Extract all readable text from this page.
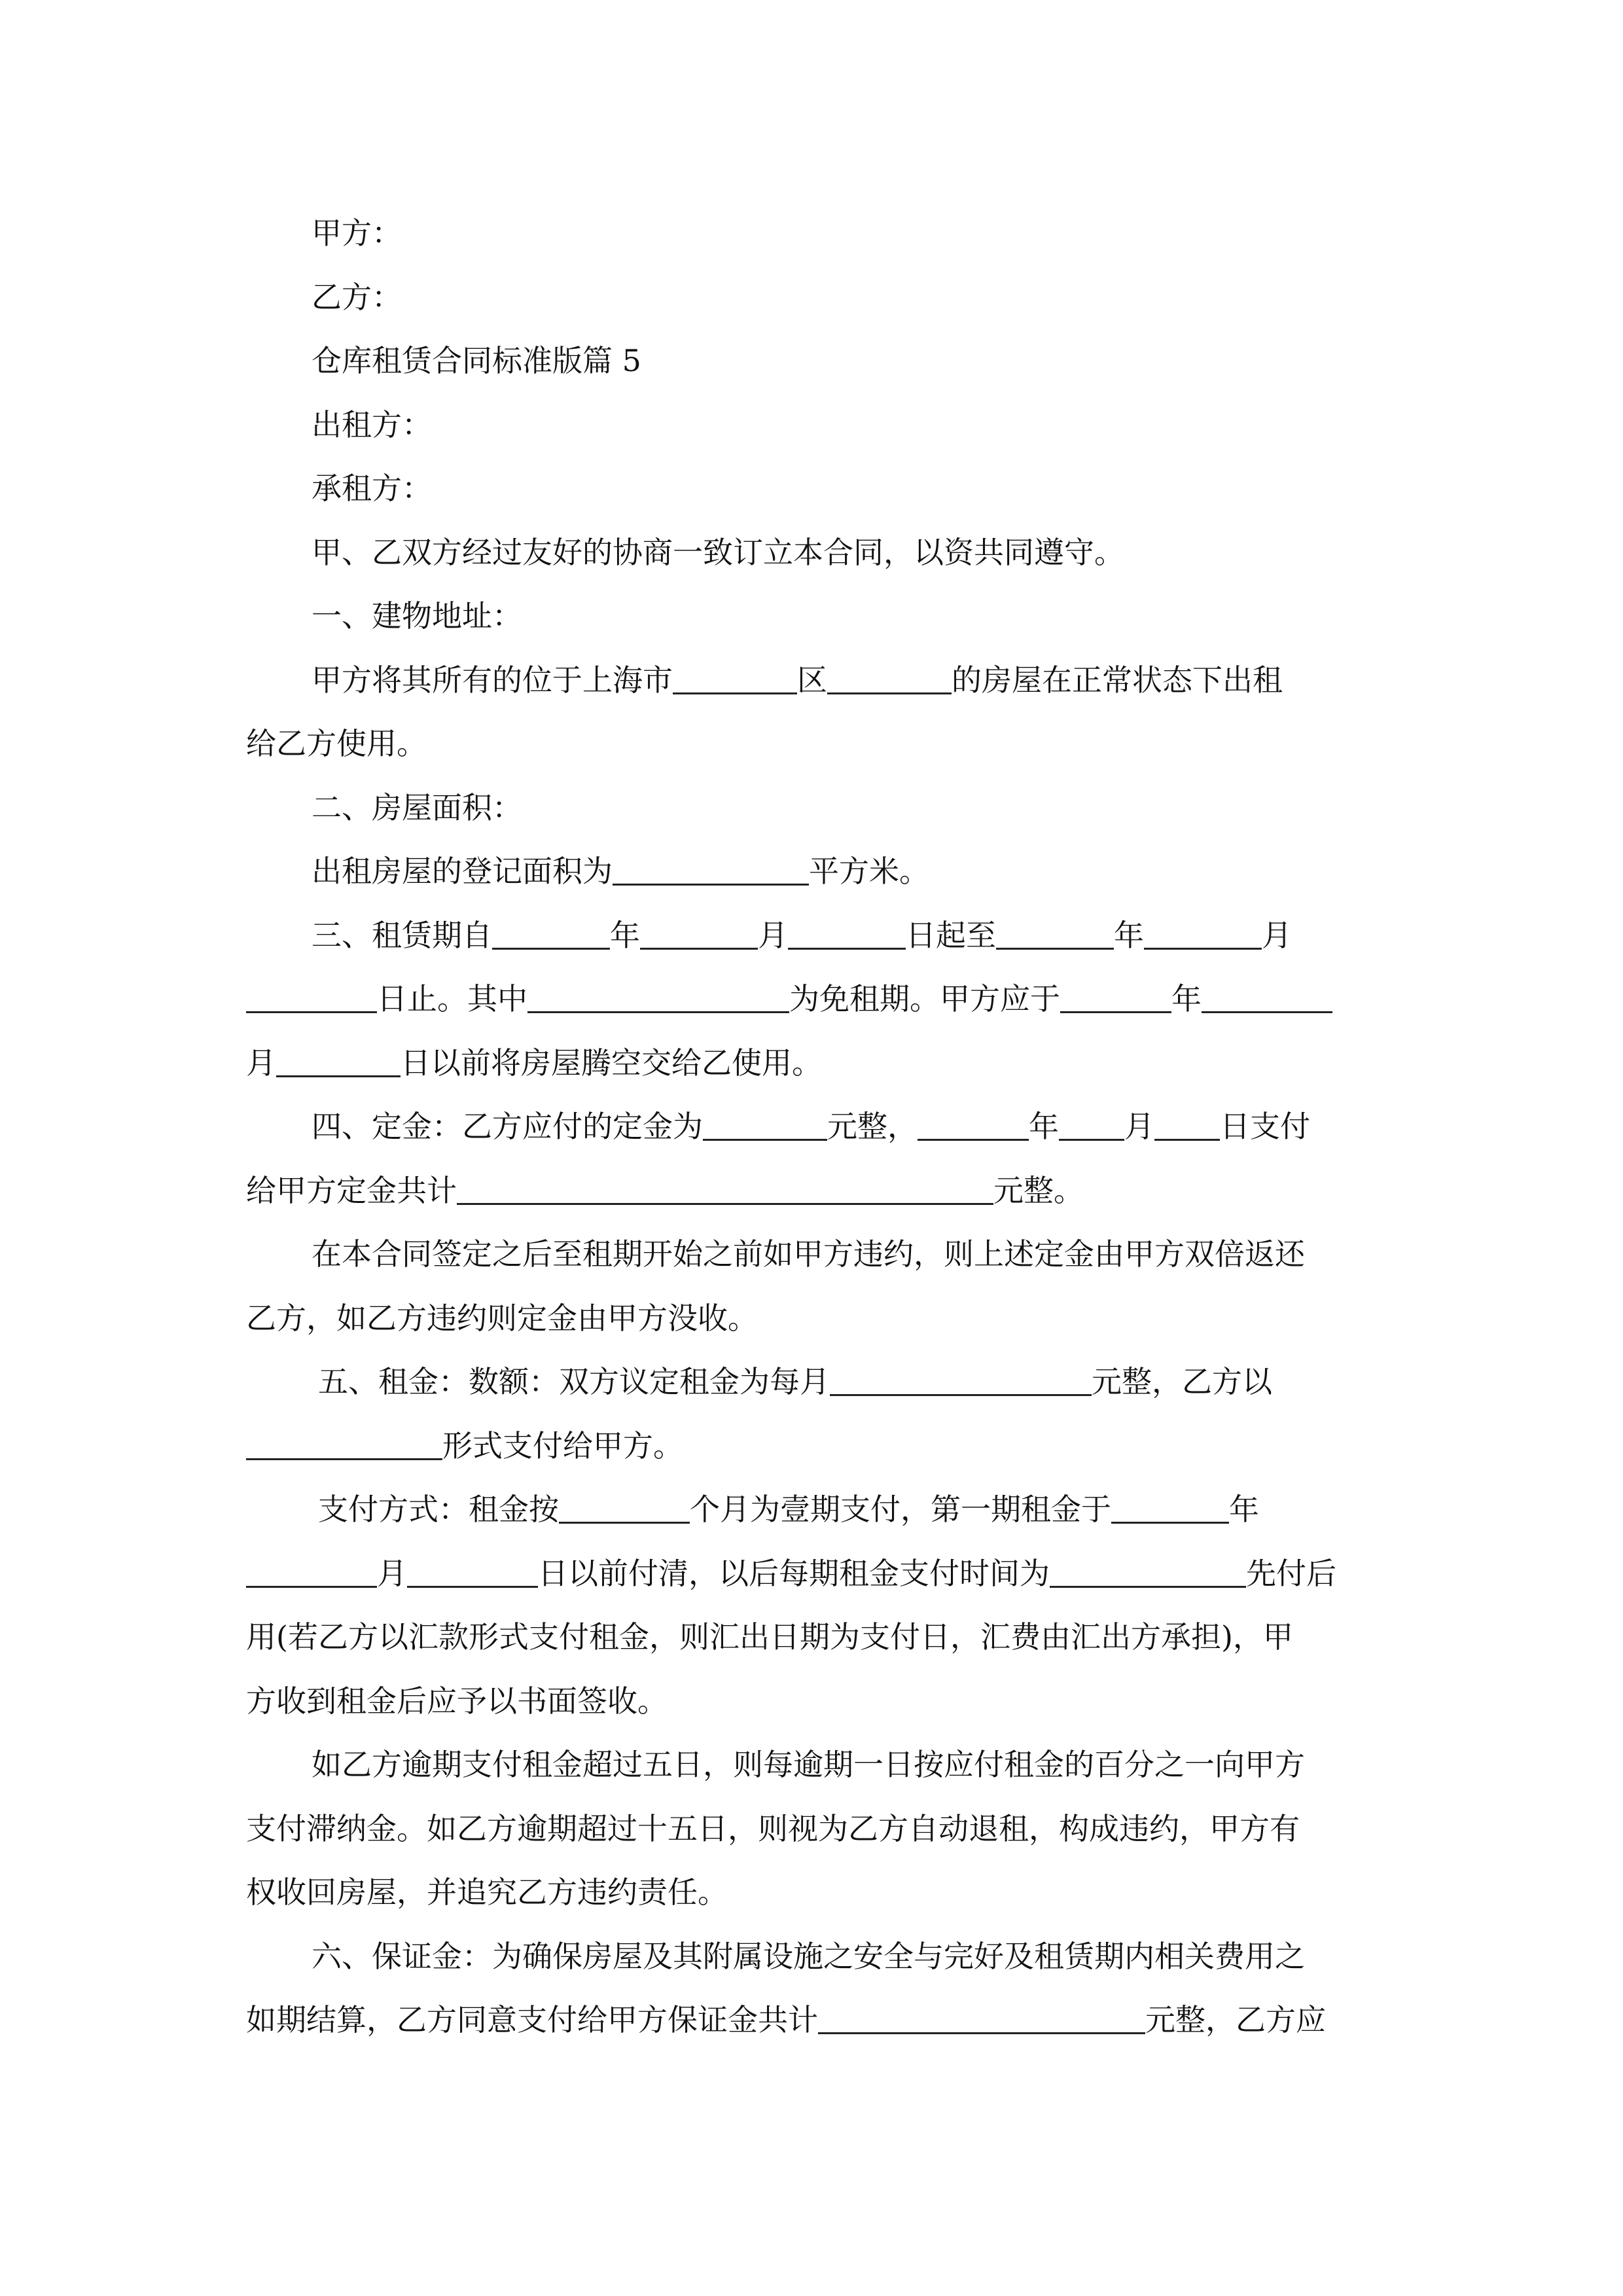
甲方：
乙方：
仓库租赁合同标准版篇 5
出租方：
承租方：
甲、乙双方经过友好的协商一致订立本合同，以资共同遵守。
一、建物地址：
甲方将其所有的位于上海市	区	的房屋在正常状态下出租
给乙方使用。
二、房屋面积：
出租房屋的登记面积为	平方米。
三、租赁期自	年	月	日起至	年	月
日止。其中	为免租期。甲方应于	年
月	日以前将房屋腾空交给乙使用。
四、定金：乙方应付的定金为	元整，	年 月 日支付
给甲方定金共计	元整。
在本合同签定之后至租期开始之前如甲方违约，则上述定金由甲方双倍返还
乙方，如乙方违约则定金由甲方没收。
五、租金：数额：双方议定租金为每月	元整，乙方以
形式支付给甲方。
支付方式：租金按	个月为壹期支付，第一期租金于	年
月	日以前付清，以后每期租金支付时间为	先付后
用(若乙方以汇款形式支付租金，则汇出日期为支付日，汇费由汇出方承担)，甲
方收到租金后应予以书面签收。
如乙方逾期支付租金超过五日，则每逾期一日按应付租金的百分之一向甲方
支付滞纳金。如乙方逾期超过十五日，则视为乙方自动退租，构成违约，甲方有
权收回房屋，并追究乙方违约责任。
六、保证金：为确保房屋及其附属设施之安全与完好及租赁期内相关费用之
如期结算，乙方同意支付给甲方保证金共计	元整，乙方应
